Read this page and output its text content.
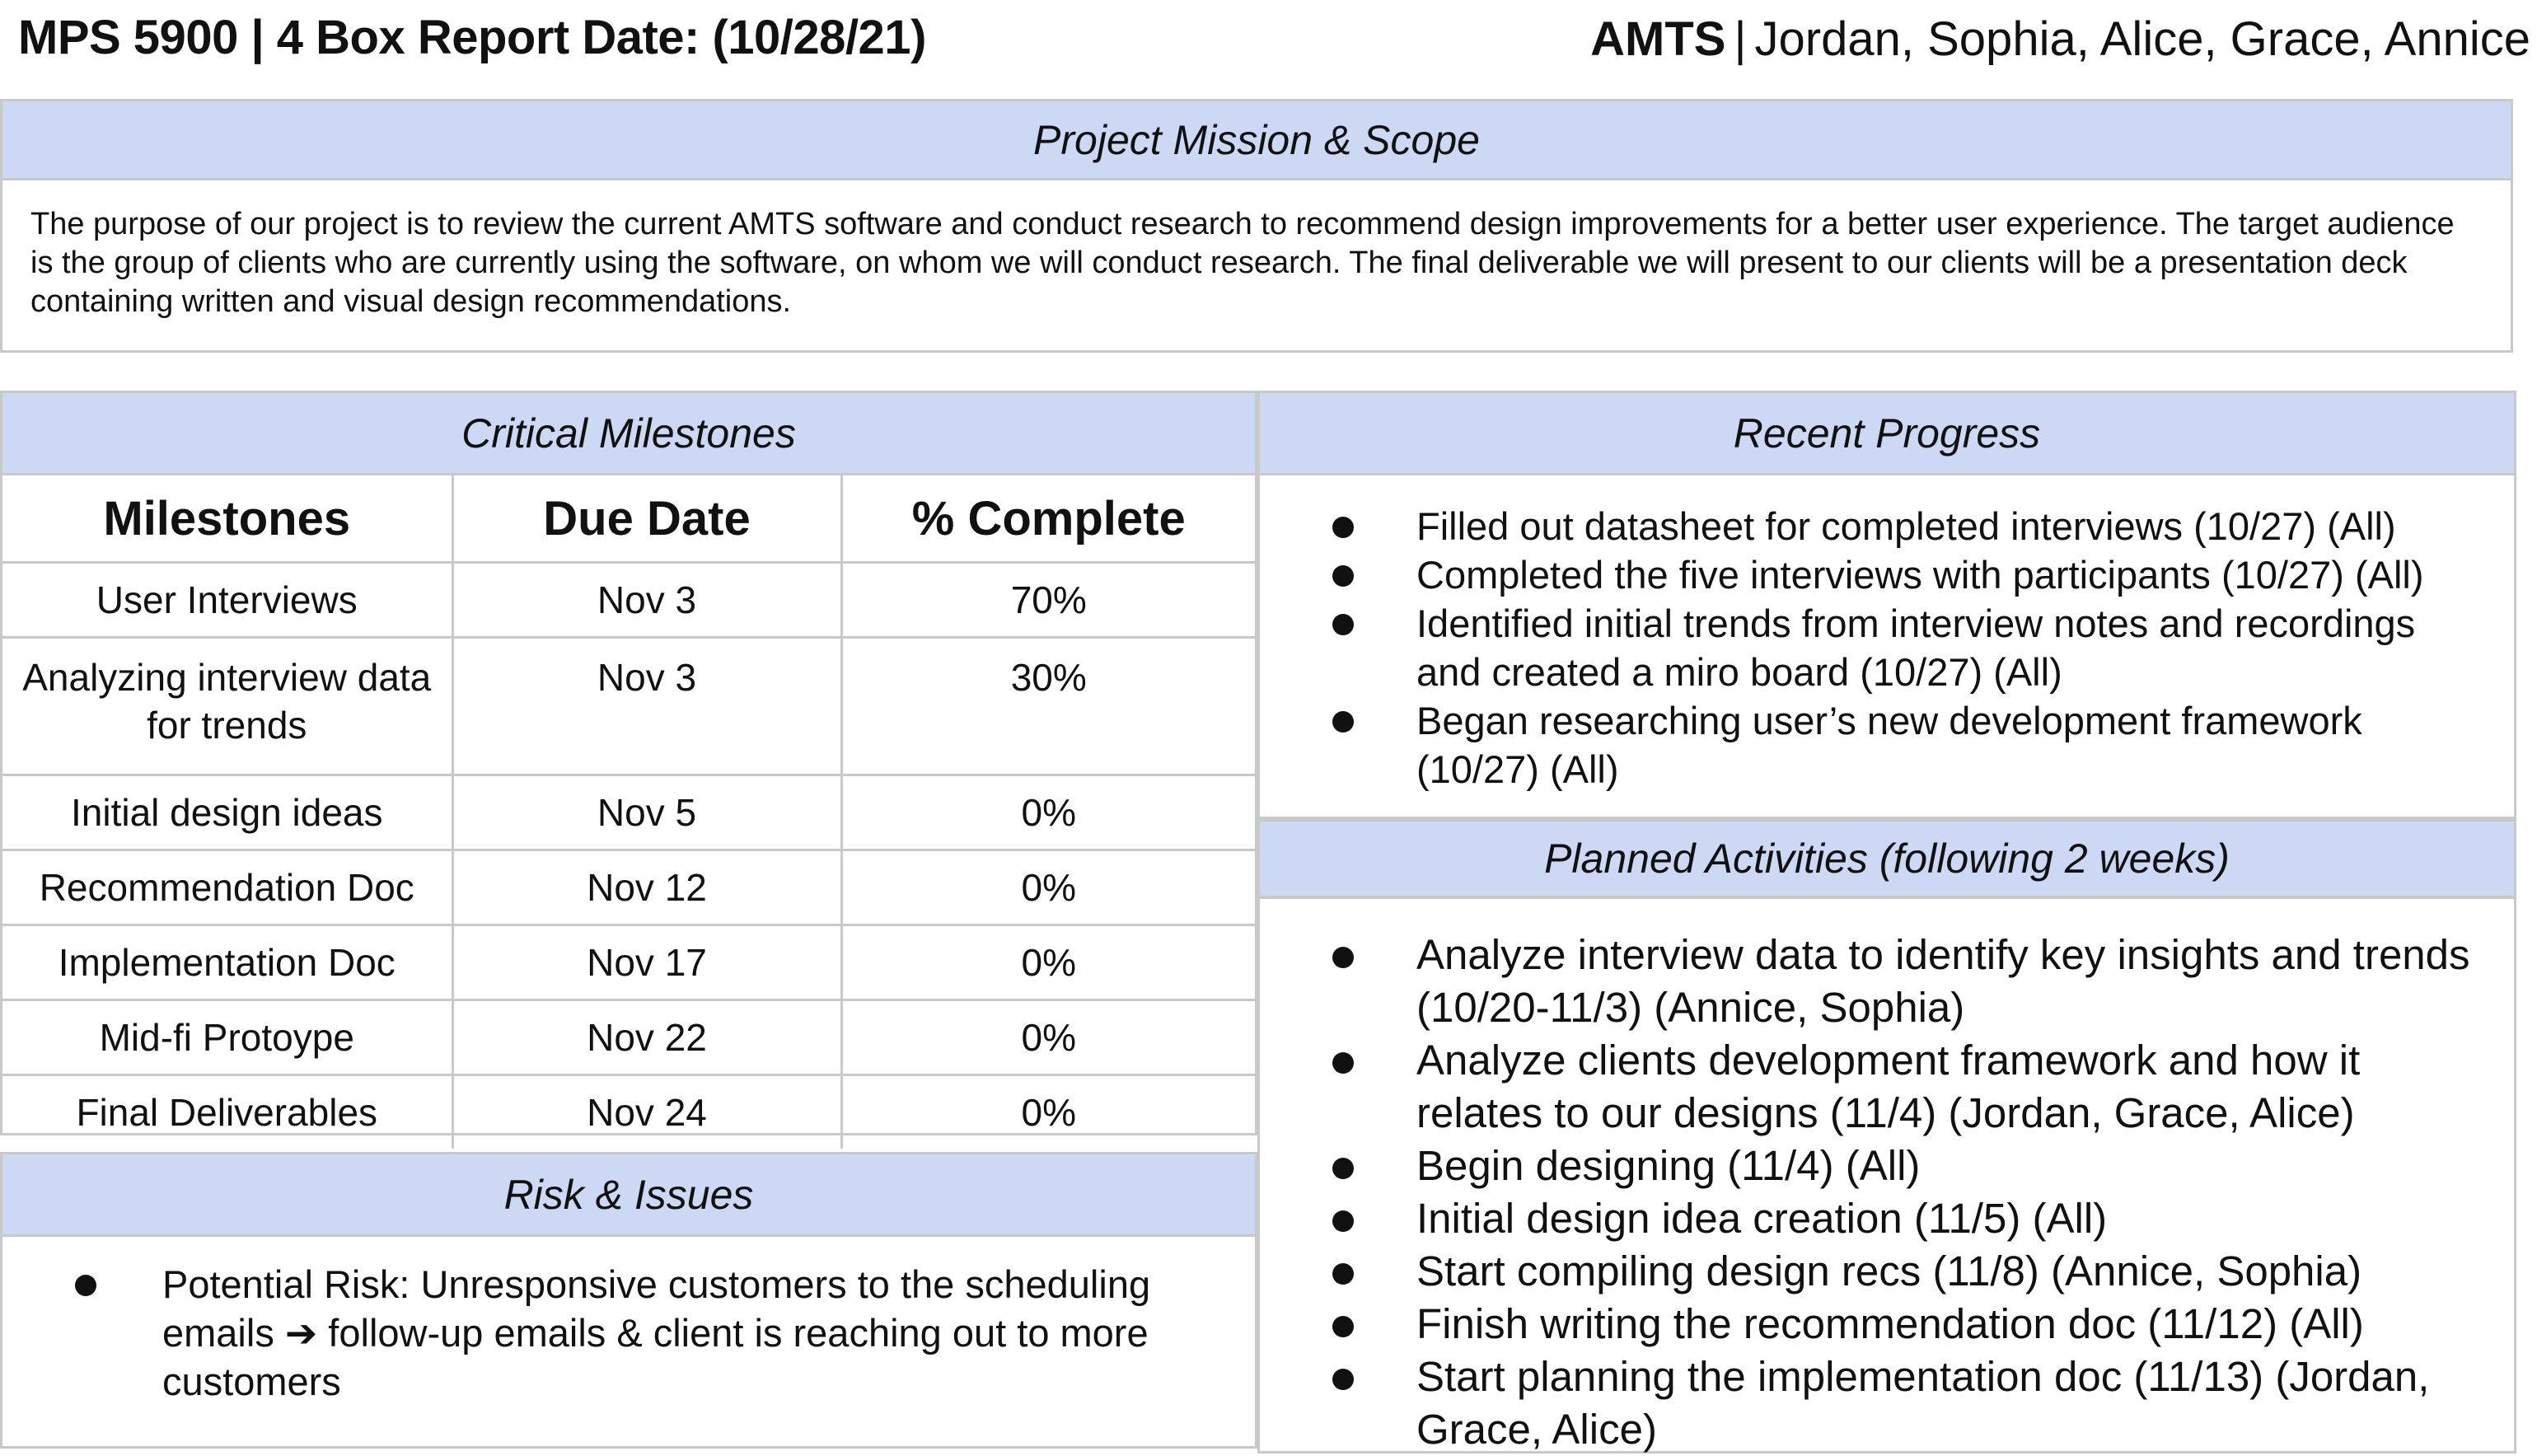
MPS 5900 | 4 Box Report Date: (10/28/21)	AMTS | Jordan, Sophia, Alice, Grace, Annice
Project Mission & Scope
The purpose of our project is to review the current AMTS software and conduct research to recommend design improvements for a better user experience. The target audience is the group of clients who are currently using the software, on whom we will conduct research. The final deliverable we will present to our clients will be a presentation deck containing written and visual design recommendations.
Critical Milestones
Milestones	Due Date	% Complete
User Interviews	Nov 3	70%
Analyzing interview data for trends	Nov 3	30%
Initial design ideas	Nov 5	0%
Recommendation Doc	Nov 12	0%
Implementation Doc	Nov 17	0%
Mid-fi Protoype	Nov 22	0%
Final Deliverables	Nov 24	0%
Risk & Issues
Potential Risk: Unresponsive customers to the scheduling emails ➔ follow-up emails & client is reaching out to more customers
Recent Progress
Filled out datasheet for completed interviews (10/27) (All)
Completed the five interviews with participants (10/27) (All)
Identified initial trends from interview notes and recordings and created a miro board (10/27) (All)
Began researching user’s new development framework (10/27) (All)
Planned Activities (following 2 weeks)
Analyze interview data to identify key insights and trends (10/20-11/3) (Annice, Sophia)
Analyze clients development framework and how it relates to our designs (11/4) (Jordan, Grace, Alice)
Begin designing (11/4) (All)
Initial design idea creation (11/5) (All)
Start compiling design recs (11/8) (Annice, Sophia)
Finish writing the recommendation doc (11/12) (All)
Start planning the implementation doc (11/13) (Jordan, Grace, Alice)
